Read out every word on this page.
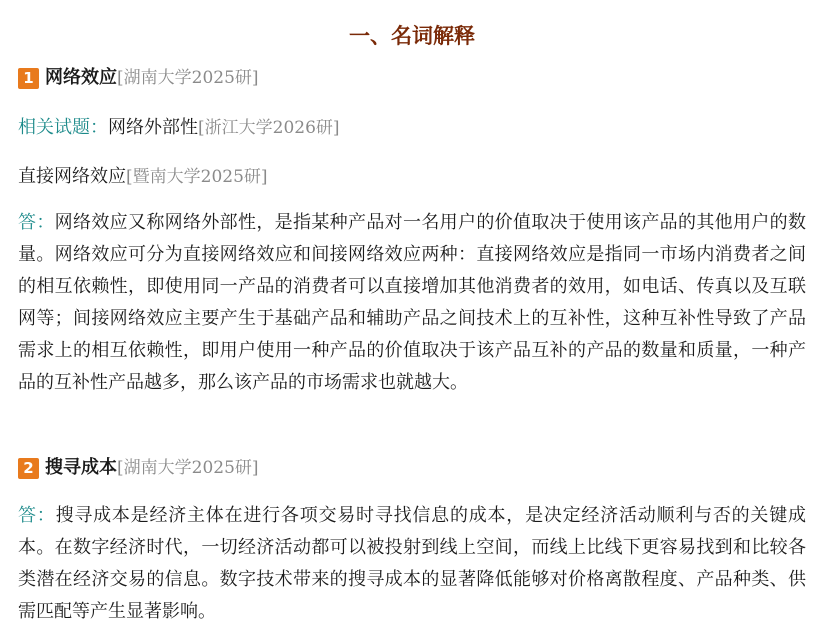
一、名词解释
1 网络效应 [湖南大学2025研]
相关试题：网络外部性[浙江大学2026研]
直接网络效应[暨南大学2025研]
答：网络效应又称网络外部性，是指某种产品对一名用户的价值取决于使用该产品的其他用户的数量。网络效应可分为直接网络效应和间接网络效应两种：直接网络效应是指同一市场内消费者之间的相互依赖性，即使用同一产品的消费者可以直接增加其他消费者的效用，如电话、传真以及互联网等；间接网络效应主要产生于基础产品和辅助产品之间技术上的互补性，这种互补性导致了产品需求上的相互依赖性，即用户使用一种产品的价值取决于该产品互补的产品的数量和质量，一种产品的互补性产品越多，那么该产品的市场需求也就越大。
2 搜寻成本 [湖南大学2025研]
答：搜寻成本是经济主体在进行各项交易时寻找信息的成本，是决定经济活动顺利与否的关键成本。在数字经济时代，一切经济活动都可以被投射到线上空间，而线上比线下更容易找到和比较各类潜在经济交易的信息。数字技术带来的搜寻成本的显著降低能够对价格离散程度、产品种类、供需匹配等产生显著影响。
